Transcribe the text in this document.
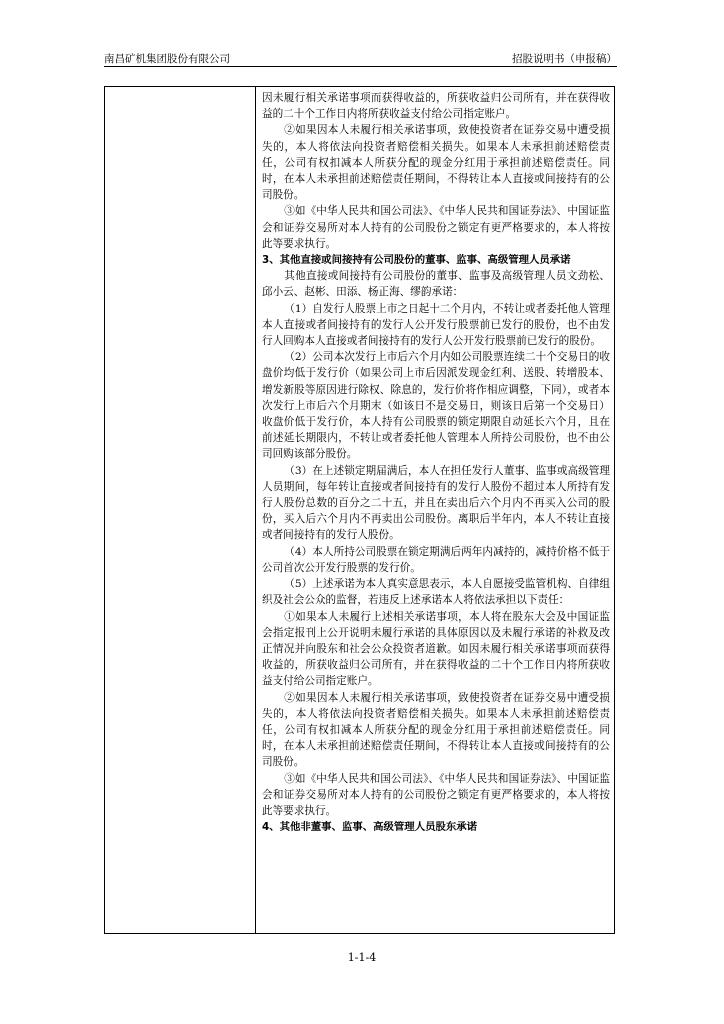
南昌矿机集团股份有限公司	招股说明书（申报稿）

因未履行相关承诺事项而获得收益的，所获收益归公司所有，并在获得收益的二十个工作日内将所获收益支付给公司指定账户。

②如果因本人未履行相关承诺事项，致使投资者在证券交易中遭受损失的，本人将依法向投资者赔偿相关损失。如果本人未承担前述赔偿责任，公司有权扣减本人所获分配的现金分红用于承担前述赔偿责任。同时，在本人未承担前述赔偿责任期间，不得转让本人直接或间接持有的公司股份。

③如《中华人民共和国公司法》、《中华人民共和国证券法》、中国证监会和证券交易所对本人持有的公司股份之锁定有更严格要求的，本人将按此等要求执行。

3、其他直接或间接持有公司股份的董事、监事、高级管理人员承诺

其他直接或间接持有公司股份的董事、监事及高级管理人员文劲松、邱小云、赵彬、田添、杨正海、缪韵承诺：

（1）自发行人股票上市之日起十二个月内，不转让或者委托他人管理本人直接或者间接持有的发行人公开发行股票前已发行的股份，也不由发行人回购本人直接或者间接持有的发行人公开发行股票前已发行的股份。

（2）公司本次发行上市后六个月内如公司股票连续二十个交易日的收盘价均低于发行价（如果公司上市后因派发现金红利、送股、转增股本、增发新股等原因进行除权、除息的，发行价将作相应调整，下同），或者本次发行上市后六个月期末（如该日不是交易日，则该日后第一个交易日）收盘价低于发行价，本人持有公司股票的锁定期限自动延长六个月，且在前述延长期限内，不转让或者委托他人管理本人所持公司股份，也不由公司回购该部分股份。

（3）在上述锁定期届满后，本人在担任发行人董事、监事或高级管理人员期间，每年转让直接或者间接持有的发行人股份不超过本人所持有发行人股份总数的百分之二十五，并且在卖出后六个月内不再买入公司的股份，买入后六个月内不再卖出公司股份。离职后半年内，本人不转让直接或者间接持有的发行人股份。

（4）本人所持公司股票在锁定期满后两年内减持的，减持价格不低于公司首次公开发行股票的发行价。

（5）上述承诺为本人真实意思表示，本人自愿接受监管机构、自律组织及社会公众的监督，若违反上述承诺本人将依法承担以下责任：

①如果本人未履行上述相关承诺事项，本人将在股东大会及中国证监会指定报刊上公开说明未履行承诺的具体原因以及未履行承诺的补救及改正情况并向股东和社会公众投资者道歉。如因未履行相关承诺事项而获得收益的，所获收益归公司所有，并在获得收益的二十个工作日内将所获收益支付给公司指定账户。

②如果因本人未履行相关承诺事项，致使投资者在证券交易中遭受损失的，本人将依法向投资者赔偿相关损失。如果本人未承担前述赔偿责任，公司有权扣减本人所获分配的现金分红用于承担前述赔偿责任。同时，在本人未承担前述赔偿责任期间，不得转让本人直接或间接持有的公司股份。

③如《中华人民共和国公司法》、《中华人民共和国证券法》、中国证监会和证券交易所对本人持有的公司股份之锁定有更严格要求的，本人将按此等要求执行。

4、其他非董事、监事、高级管理人员股东承诺

1-1-4
